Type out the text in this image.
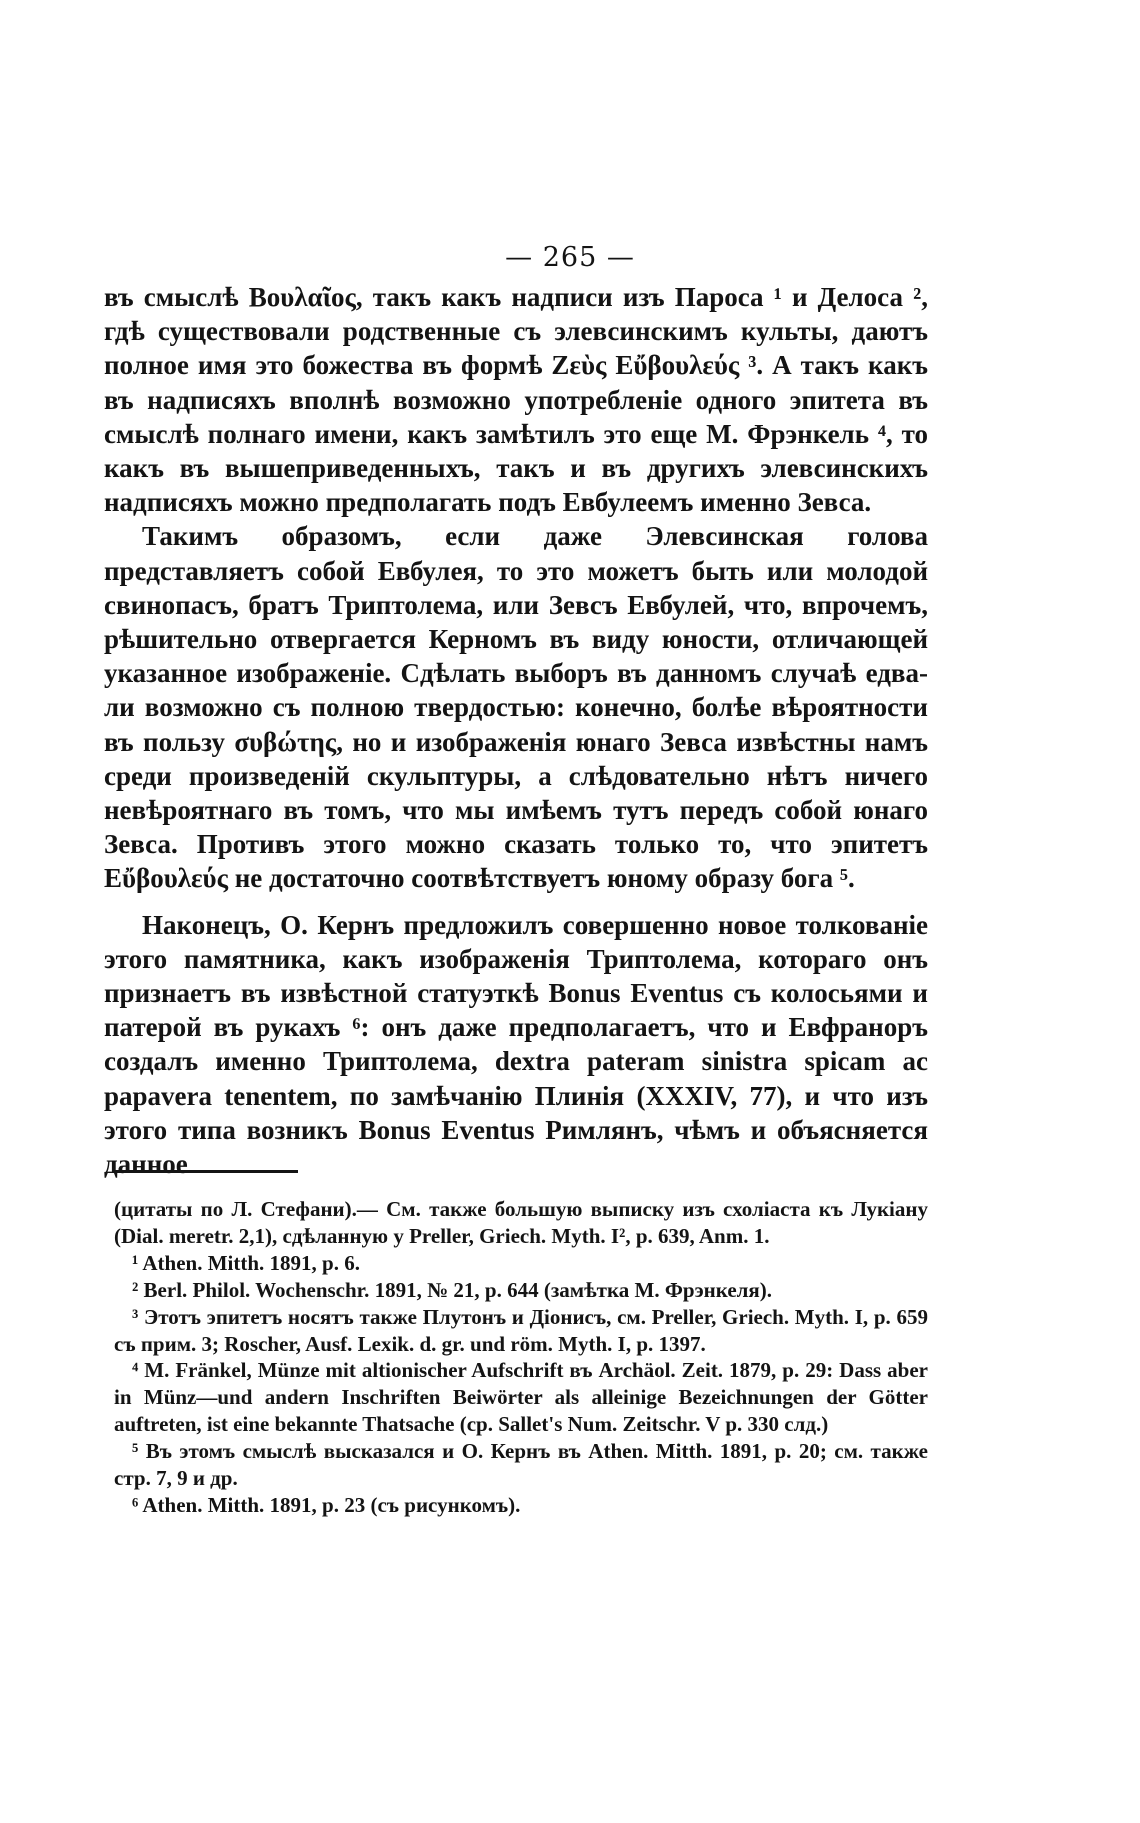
— 265 —

въ смыслѣ Βουλαῖος, такъ какъ надписи изъ Пароса ¹ и Делоса ², гдѣ существовали родственные съ элевсинскимъ культы, даютъ полное имя это божества въ формѣ Ζεὺς Εὔβουλεύς ³. А такъ какъ въ надписяхъ вполнѣ возможно употребленіе одного эпитета въ смыслѣ полнаго имени, какъ замѣтилъ это еще М. Фрэнкель ⁴, то какъ въ вышеприведенныхъ, такъ и въ другихъ элевсинскихъ надписяхъ можно предполагать подъ Евбулеемъ именно Зевса.

Такимъ образомъ, если даже Элевсинская голова представляетъ собой Евбулея, то это можетъ быть или молодой свинопасъ, братъ Триптолема, или Зевсъ Евбулей, что, впрочемъ, рѣшительно отвергается Керномъ въ виду юности, отличающей указанное изображеніе. Сдѣлать выборъ въ данномъ случаѣ едва-ли возможно съ полною твердостью: конечно, болѣе вѣроятности въ пользу συβώτης, но и изображенія юнаго Зевса извѣстны намъ среди произведеній скульптуры, а слѣдовательно нѣтъ ничего невѣроятнаго въ томъ, что мы имѣемъ тутъ передъ собой юнаго Зевса. Противъ этого можно сказать только то, что эпитетъ Εὔβουλεύς не достаточно соотвѣтствуетъ юному образу бога ⁵.

Наконецъ, О. Кернъ предложилъ совершенно новое толкованіе этого памятника, какъ изображенія Триптолема, котораго онъ признаетъ въ извѣстной статуэткѣ Bonus Eventus съ колосьями и патерой въ рукахъ ⁶: онъ даже предполагаетъ, что и Евфраноръ создалъ именно Триптолема, dextra pateram sinistra spicam ac papavera tenentem, по замѣчанію Плинія (XXXIV, 77), и что изъ этого типа возникъ Bonus Eventus Римлянъ, чѣмъ и объясняется данное

(цитаты по Л. Стефани).— См. также большую выписку изъ схоліаста къ Лукіану (Dial. meretr. 2,1), сдѣланную у Preller, Griech. Myth. I², p. 639, Anm. 1.

¹ Athen. Mitth. 1891, p. 6.

² Berl. Philol. Wochenschr. 1891, № 21, p. 644 (замѣтка М. Фрэнкеля).

³ Этотъ эпитетъ носятъ также Плутонъ и Діонисъ, см. Preller, Griech. Myth. I, p. 659 съ прим. 3; Roscher, Ausf. Lexik. d. gr. und röm. Myth. I, p. 1397.

⁴ M. Fränkel, Münze mit altionischer Aufschrift въ Archäol. Zeit. 1879, p. 29: Dass aber in Münz—und andern Inschriften Beiwörter als alleinige Bezeichnungen der Götter auftreten, ist eine bekannte Thatsache (cp. Sallet's Num. Zeitschr. V p. 330 слд.)

⁵ Въ этомъ смыслѣ высказался и О. Кернъ въ Athen. Mitth. 1891, p. 20; см. также стр. 7, 9 и др.

⁶ Athen. Mitth. 1891, p. 23 (съ рисункомъ).
